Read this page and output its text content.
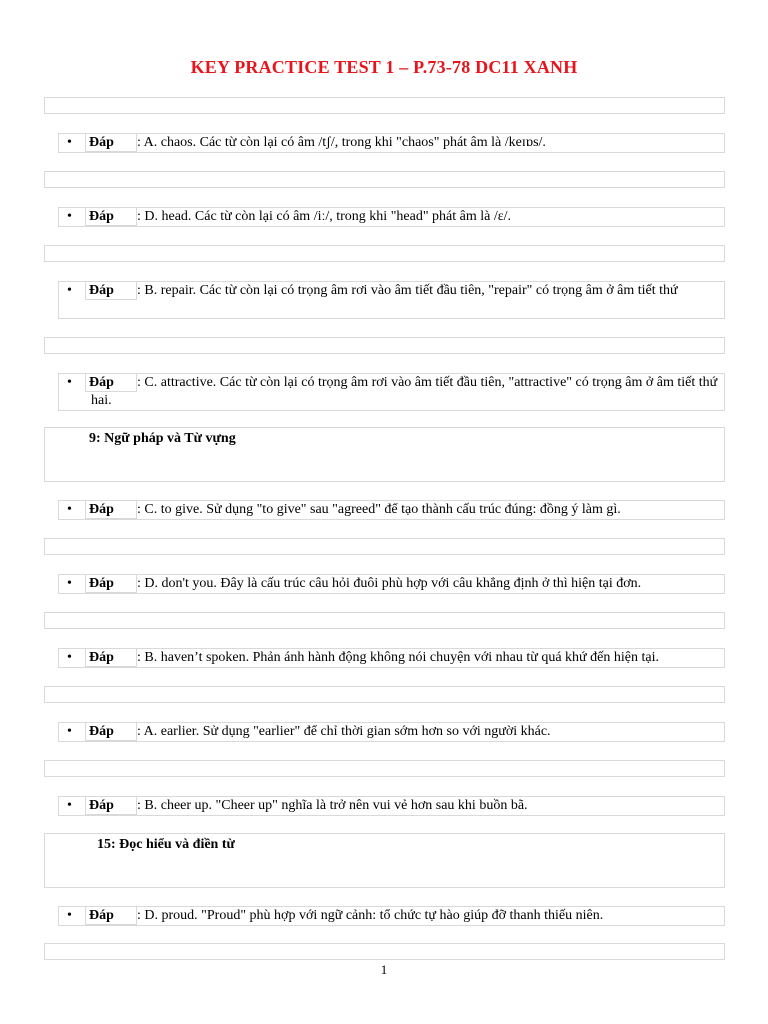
KEY PRACTICE TEST 1 – P.73-78 DC11 XANH
• Đáp : A. chaos. Các từ còn lại có âm /tʃ/, trong khi "chaos" phát âm là /keɪɒs/.
• Đáp : D. head. Các từ còn lại có âm /iː/, trong khi "head" phát âm là /ɛ/.
• Đáp : B. repair. Các từ còn lại có trọng âm rơi vào âm tiết đầu tiên, "repair" có trọng âm ở âm tiết thứ
• Đáp	: C. attractive. Các từ còn lại có trọng âm rơi vào âm tiết đầu tiên, "attractive" có trọng âm ở âm tiết thứ hai.
9: Ngữ pháp và Từ vựng
• Đáp : C. to give. Sử dụng "to give" sau "agreed" để tạo thành cấu trúc đúng: đồng ý làm gì.
• Đáp : D. don't you. Đây là cấu trúc câu hỏi đuôi phù hợp với câu khẳng định ở thì hiện tại đơn.
• Đáp : B. haven’t spoken. Phản ánh hành động không nói chuyện với nhau từ quá khứ đến hiện tại.
• Đáp : A. earlier. Sử dụng "earlier" để chỉ thời gian sớm hơn so với người khác.
• Đáp : B. cheer up. "Cheer up" nghĩa là trở nên vui vẻ hơn sau khi buồn bã.
15: Đọc hiểu và điền từ
• Đáp : D. proud. "Proud" phù hợp với ngữ cảnh: tổ chức tự hào giúp đỡ thanh thiếu niên.
1
